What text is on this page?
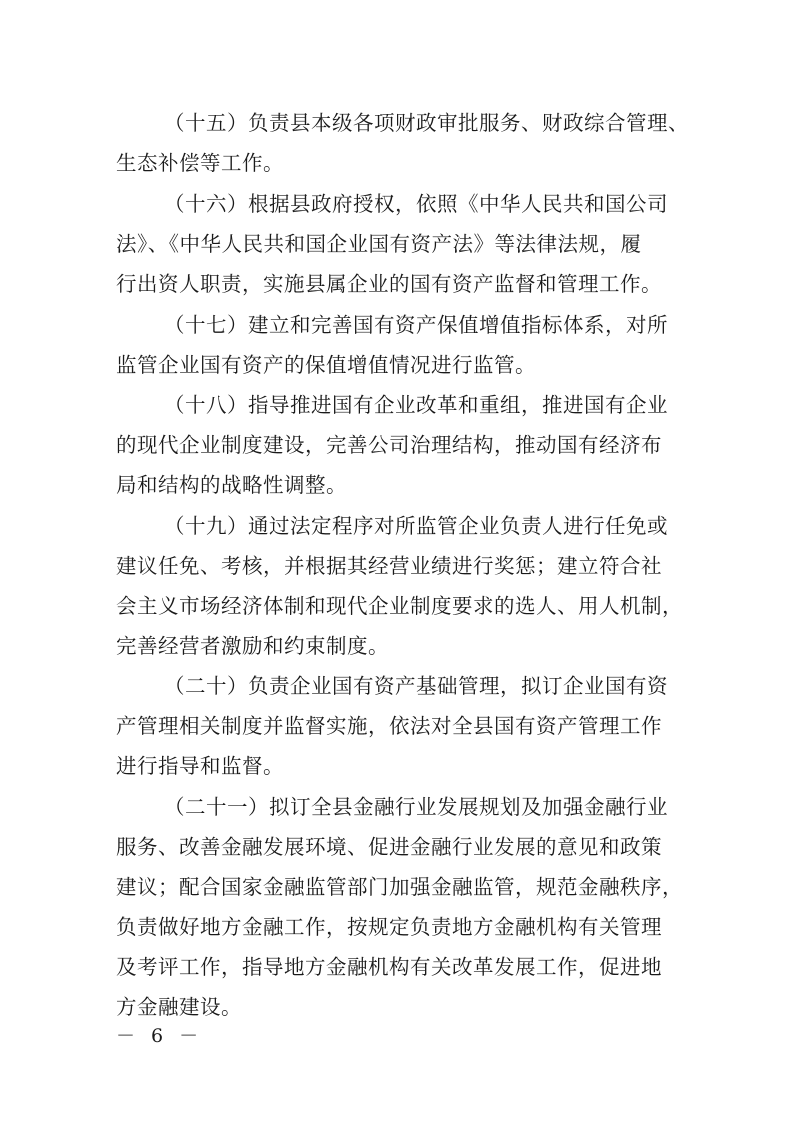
（十五）负责县本级各项财政审批服务、财政综合管理、
生态补偿等工作。
（十六）根据县政府授权，依照《中华人民共和国公司
法》、《中华人民共和国企业国有资产法》等法律法规，履
行出资人职责，实施县属企业的国有资产监督和管理工作。
（十七）建立和完善国有资产保值增值指标体系，对所
监管企业国有资产的保值增值情况进行监管。
（十八）指导推进国有企业改革和重组，推进国有企业
的现代企业制度建设，完善公司治理结构，推动国有经济布
局和结构的战略性调整。
（十九）通过法定程序对所监管企业负责人进行任免或
建议任免、考核，并根据其经营业绩进行奖惩；建立符合社
会主义市场经济体制和现代企业制度要求的选人、用人机制，
完善经营者激励和约束制度。
（二十）负责企业国有资产基础管理，拟订企业国有资
产管理相关制度并监督实施，依法对全县国有资产管理工作
进行指导和监督。
（二十一）拟订全县金融行业发展规划及加强金融行业
服务、改善金融发展环境、促进金融行业发展的意见和政策
建议；配合国家金融监管部门加强金融监管，规范金融秩序，
负责做好地方金融工作，按规定负责地方金融机构有关管理
及考评工作，指导地方金融机构有关改革发展工作，促进地
方金融建设。
－ 6 －
